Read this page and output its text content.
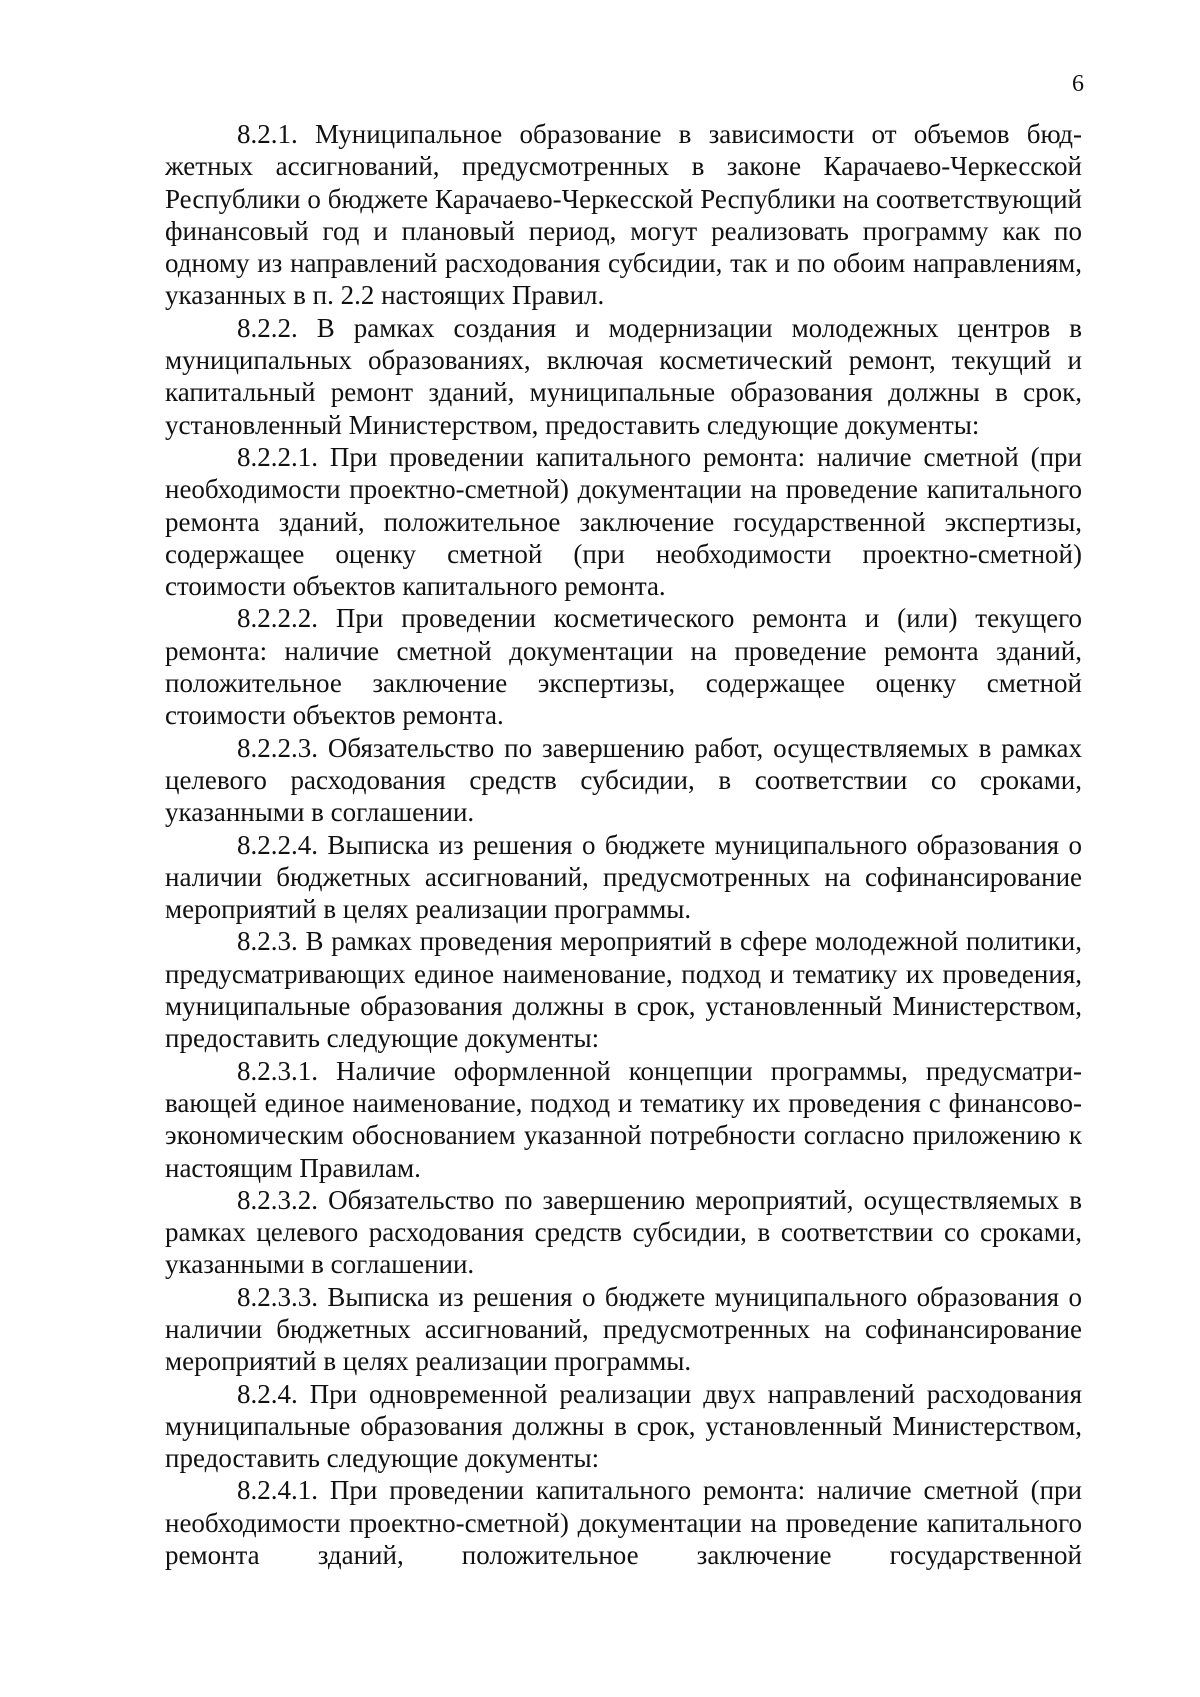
6

8.2.1. Муниципальное образование в зависимости от объемов бюджетных ассигнований, предусмотренных в законе Карачаево-Черкесской Республики о бюджете Карачаево-Черкесской Республики на соответствующий финансовый год и плановый период, могут реализовать программу как по одному из направлений расходования субсидии, так и по обоим направлениям, указанных в п. 2.2 настоящих Правил.

8.2.2. В рамках создания и модернизации молодежных центров в муниципальных образованиях, включая косметический ремонт, текущий и капитальный ремонт зданий, муниципальные образования должны в срок, установленный Министерством, предоставить следующие документы:

8.2.2.1. При проведении капитального ремонта: наличие сметной (при необходимости проектно-сметной) документации на проведение капитального ремонта зданий, положительное заключение государственной экспертизы, содержащее оценку сметной (при необходимости проектно-сметной) стоимости объектов капитального ремонта.

8.2.2.2. При проведении косметического ремонта и (или) текущего ремонта: наличие сметной документации на проведение ремонта зданий, положительное заключение экспертизы, содержащее оценку сметной стоимости объектов ремонта.

8.2.2.3. Обязательство по завершению работ, осуществляемых в рамках целевого расходования средств субсидии, в соответствии со сроками, указанными в соглашении.

8.2.2.4. Выписка из решения о бюджете муниципального образования о наличии бюджетных ассигнований, предусмотренных на софинансирование мероприятий в целях реализации программы.

8.2.3. В рамках проведения мероприятий в сфере молодежной политики, предусматривающих единое наименование, подход и тематику их проведения, муниципальные образования должны в срок, установленный Министерством, предоставить следующие документы:

8.2.3.1. Наличие оформленной концепции программы, предусматривающей единое наименование, подход и тематику их проведения с финансово-экономическим обоснованием указанной потребности согласно приложению к настоящим Правилам.

8.2.3.2. Обязательство по завершению мероприятий, осуществляемых в рамках целевого расходования средств субсидии, в соответствии со сроками, указанными в соглашении.

8.2.3.3. Выписка из решения о бюджете муниципального образования о наличии бюджетных ассигнований, предусмотренных на софинансирование мероприятий в целях реализации программы.

8.2.4. При одновременной реализации двух направлений расходования муниципальные образования должны в срок, установленный Министерством, предоставить следующие документы:

8.2.4.1. При проведении капитального ремонта: наличие сметной (при необходимости проектно-сметной) документации на проведение капитального ремонта зданий, положительное заключение государственной
